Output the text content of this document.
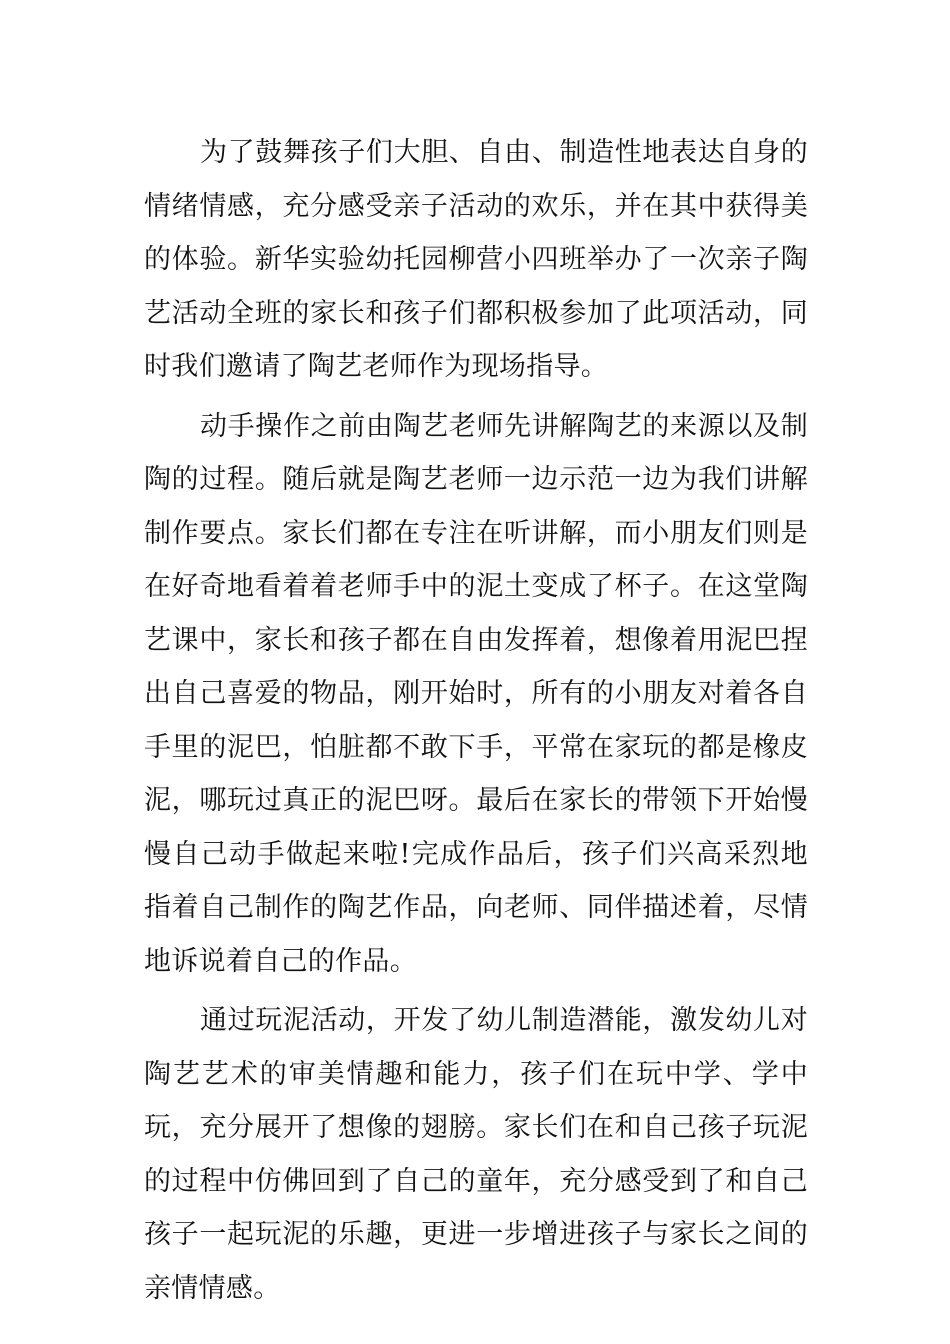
为了鼓舞孩子们大胆、自由、制造性地表达自身的情绪情感，充分感受亲子活动的欢乐，并在其中获得美的体验。新华实验幼托园柳营小四班举办了一次亲子陶艺活动全班的家长和孩子们都积极参加了此项活动，同时我们邀请了陶艺老师作为现场指导。

动手操作之前由陶艺老师先讲解陶艺的来源以及制陶的过程。随后就是陶艺老师一边示范一边为我们讲解制作要点。家长们都在专注在听讲解，而小朋友们则是在好奇地看着着老师手中的泥土变成了杯子。在这堂陶艺课中，家长和孩子都在自由发挥着，想像着用泥巴捏出自己喜爱的物品，刚开始时，所有的小朋友对着各自手里的泥巴，怕脏都不敢下手，平常在家玩的都是橡皮泥，哪玩过真正的泥巴呀。最后在家长的带领下开始慢慢自己动手做起来啦!完成作品后，孩子们兴高采烈地指着自己制作的陶艺作品，向老师、同伴描述着，尽情地诉说着自己的作品。

通过玩泥活动，开发了幼儿制造潜能，激发幼儿对陶艺艺术的审美情趣和能力，孩子们在玩中学、学中玩，充分展开了想像的翅膀。家长们在和自己孩子玩泥的过程中仿佛回到了自己的童年，充分感受到了和自己孩子一起玩泥的乐趣，更进一步增进孩子与家长之间的亲情情感。
